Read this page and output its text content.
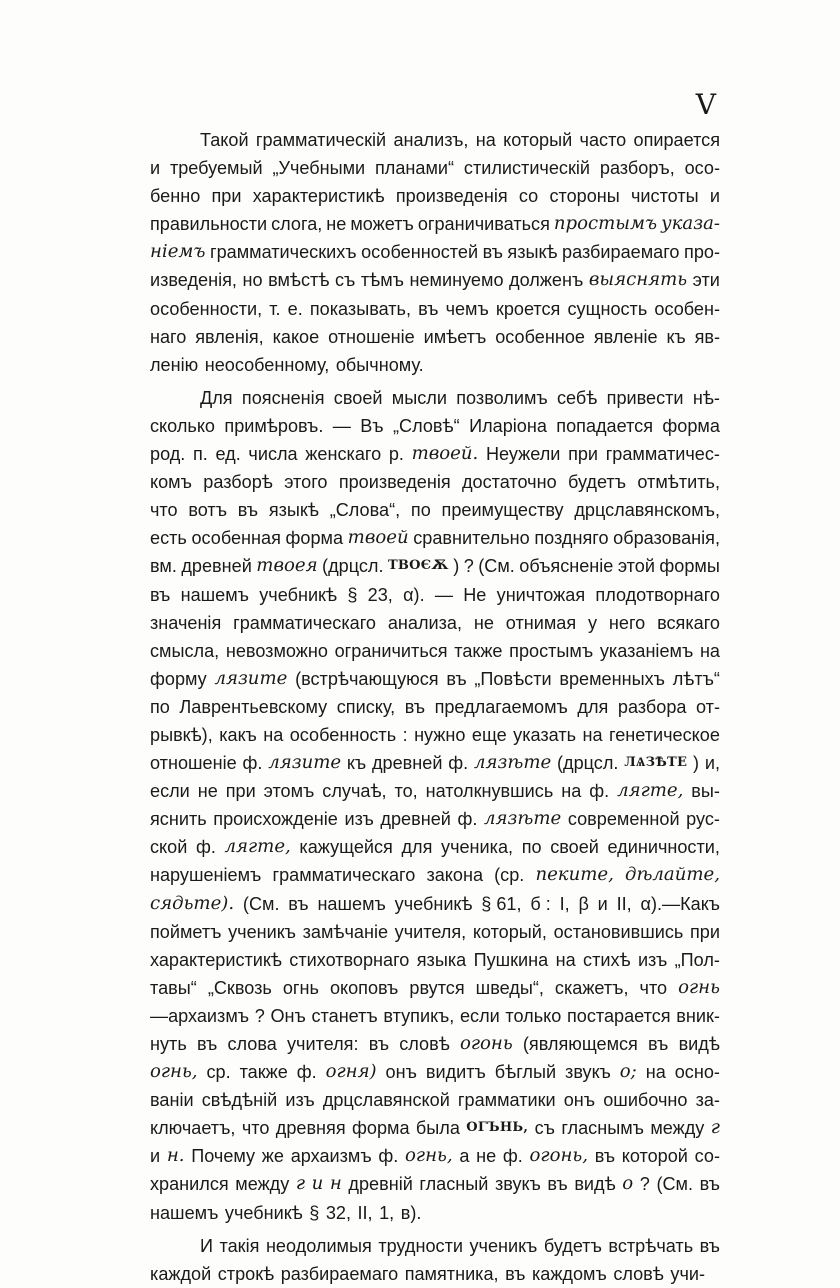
V
Такой грамматическій анализъ, на который часто опирается
и требуемый „Учебными планами“ стилистическій разборъ, осо-
бенно при характеристикѣ произведенія со стороны чистоты и
правильности слога, не можетъ ограничиваться простымъ указа-
ніемъ грамматическихъ особенностей въ языкѣ разбираемаго про-
изведенія, но вмѣстѣ съ тѣмъ неминуемо долженъ выяснять эти
особенности, т. е. показывать, въ чемъ кроется сущность особен-
наго явленія, какое отношеніе имѣетъ особенное явленіе къ яв-
ленію неособенному, обычному.
Для поясненія своей мысли позволимъ себѣ привести нѣ-
сколько примѣровъ. — Въ „Словѣ“ Иларіона попадается форма
род. п. ед. числа женскаго р. твоей. Неужели при грамматичес-
комъ разборѣ этого произведенія достаточно будетъ отмѣтить,
что вотъ въ языкѣ „Слова“, по преимуществу дрцславянскомъ,
есть особенная форма твоей сравнительно поздняго образованія,
вм. древней твоея (дрцсл. ТВОЄѪ ) ? (См. объясненіе этой формы
въ нашемъ учебникѣ § 23, α). — Не уничтожая плодотворнаго
значенія грамматическаго анализа, не отнимая у него всякаго
смысла, невозможно ограничиться также простымъ указаніемъ на
форму лязите (встрѣчающуюся въ „Повѣсти временныхъ лѣтъ“
по Лаврентьевскому списку, въ предлагаемомъ для разбора от-
рывкѣ), какъ на особенность : нужно еще указать на генетическое
отношеніе ф. лязите къ древней ф. лязѣте (дрцсл. ЛѦЗѢТЕ ) и,
если не при этомъ случаѣ, то, натолкнувшись на ф. лягте, вы-
яснить происхожденіе изъ древней ф. лязѣте современной рус-
ской ф. лягте, кажущейся для ученика, по своей единичности,
нарушеніемъ грамматическаго закона (ср. пеките, дѣлайте,
сядьте). (См. въ нашемъ учебникѣ § 61, б : I, β и II, α).—Какъ
пойметъ ученикъ замѣчаніе учителя, который, остановившись при
характеристикѣ стихотворнаго языка Пушкина на стихѣ изъ „Пол-
тавы“ „Сквозь огнь окоповъ рвутся шведы“, скажетъ, что огнь
—архаизмъ ? Онъ станетъ втупикъ, если только постарается вник-
нуть въ слова учителя: въ словѣ огонь (являющемся въ видѣ
огнь, ср. также ф. огня) онъ видитъ бѣглый звукъ о; на осно-
ваніи свѣдѣній изъ дрцславянской грамматики онъ ошибочно за-
ключаетъ, что древняя форма была ОГЪНЬ, съ гласнымъ между г
и н. Почему же архаизмъ ф. огнь, а не ф. огонь, въ которой со-
хранился между г и н древній гласный звукъ въ видѣ о ? (См. въ
нашемъ учебникѣ § 32, II, 1, в).
И такія неодолимыя трудности ученикъ будетъ встрѣчать въ
каждой строкѣ разбираемаго памятника, въ каждомъ словѣ учи-
